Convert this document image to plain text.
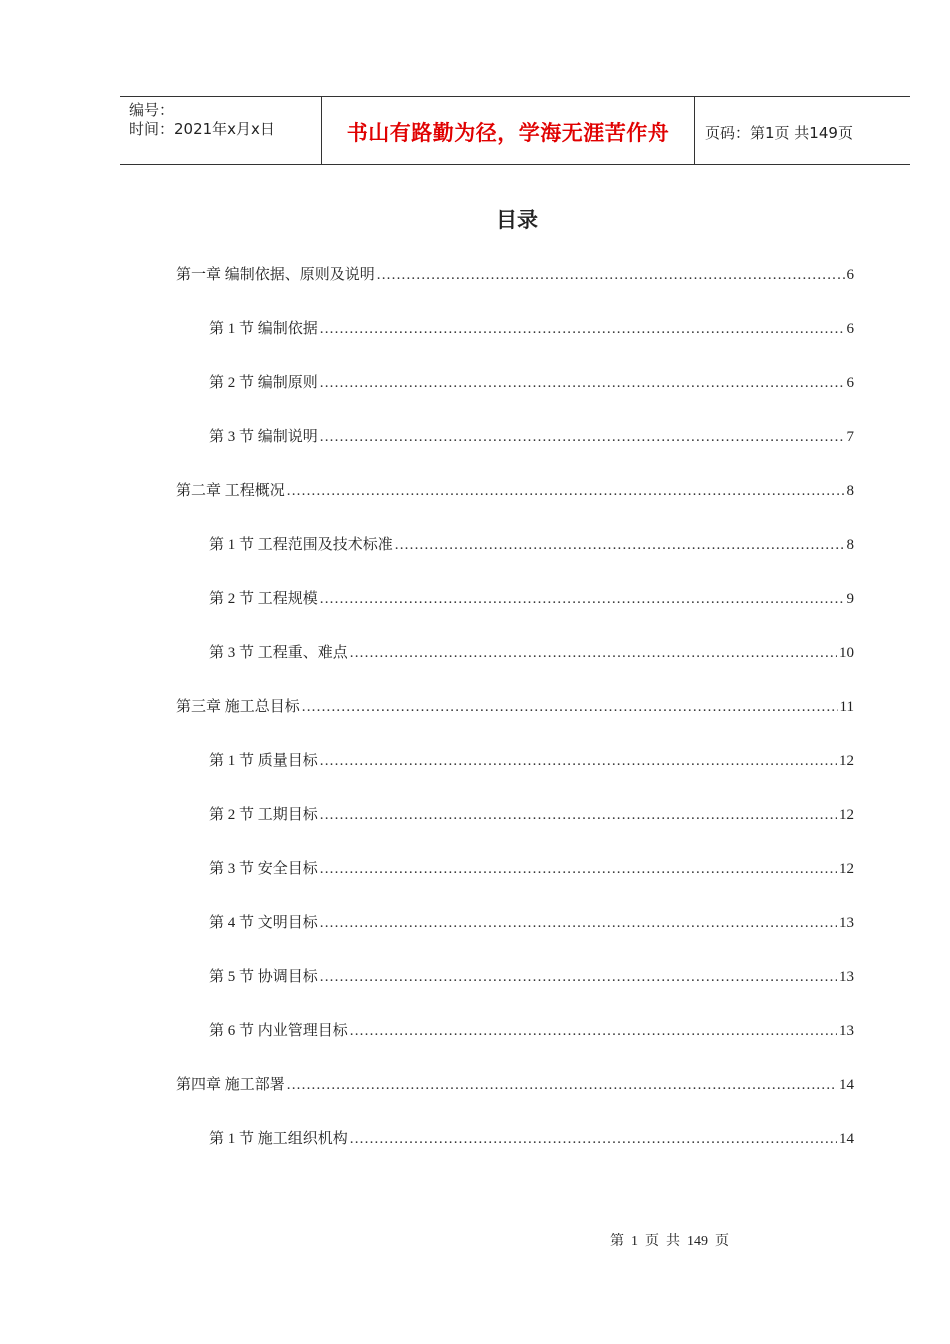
编号：
时间：2021年x月x日	书山有路勤为径，学海无涯苦作舟	页码：第1页 共149页
目录
第一章 编制依据、原则及说明 .....	6
第 1 节 编制依据 .....	6
第 2 节 编制原则 .....	6
第 3 节 编制说明 .....	7
第二章 工程概况 .....	8
第 1 节 工程范围及技术标准 .....	8
第 2 节 工程规模 .....	9
第 3 节 工程重、难点 .....	10
第三章 施工总目标 .....	11
第 1 节 质量目标 .....	12
第 2 节 工期目标 .....	12
第 3 节 安全目标 .....	12
第 4 节 文明目标 .....	13
第 5 节 协调目标 .....	13
第 6 节 内业管理目标 .....	13
第四章 施工部署 .....	14
第 1 节 施工组织机构 .....	14
第  1  页  共  149  页
